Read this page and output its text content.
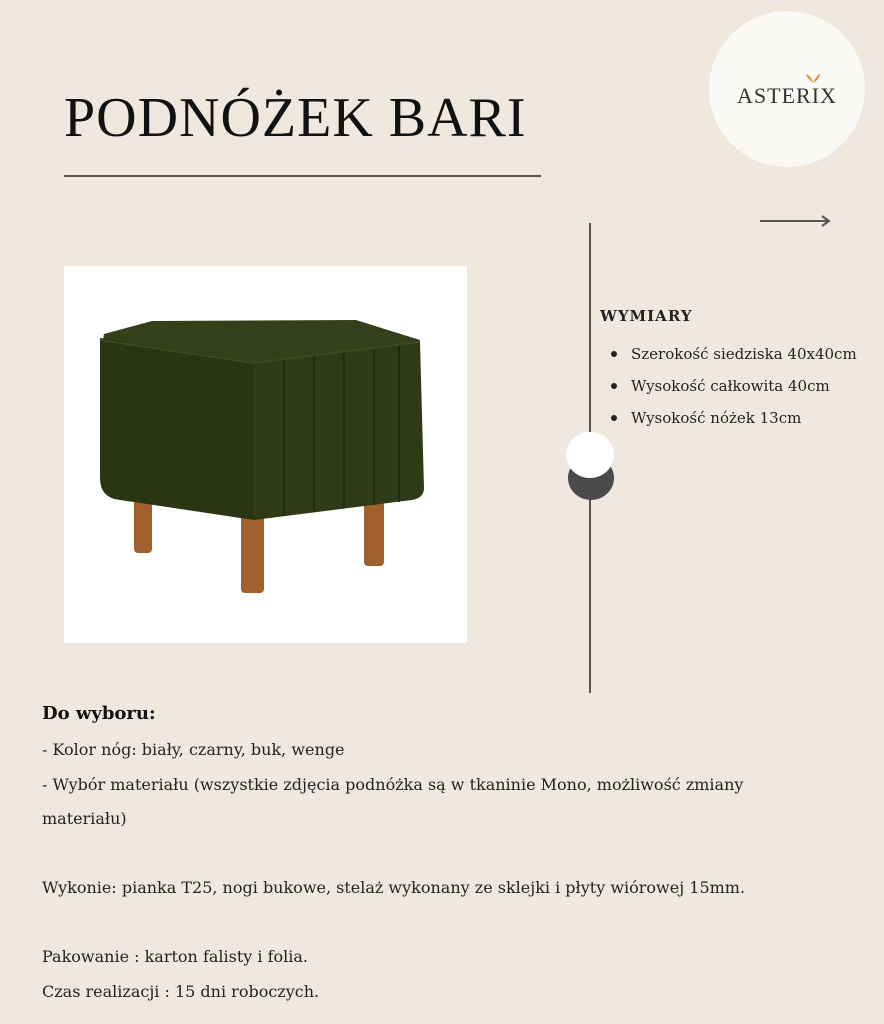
PODNÓŻEK BARI	ASTERIX
WYMIARY
Szerokość siedziska 40x40cm
Wysokość całkowita 40cm
Wysokość nóżek 13cm
Do wyboru:

- Kolor nóg: biały, czarny, buk, wenge

- Wybór materiału (wszystkie zdjęcia podnóżka są w tkaninie Mono, możliwość zmiany materiału)

Wykonie: pianka T25, nogi bukowe, stelaż wykonany ze sklejki i płyty wiórowej 15mm.

Pakowanie : karton falisty i folia.

Czas realizacji : 15 dni roboczych.
